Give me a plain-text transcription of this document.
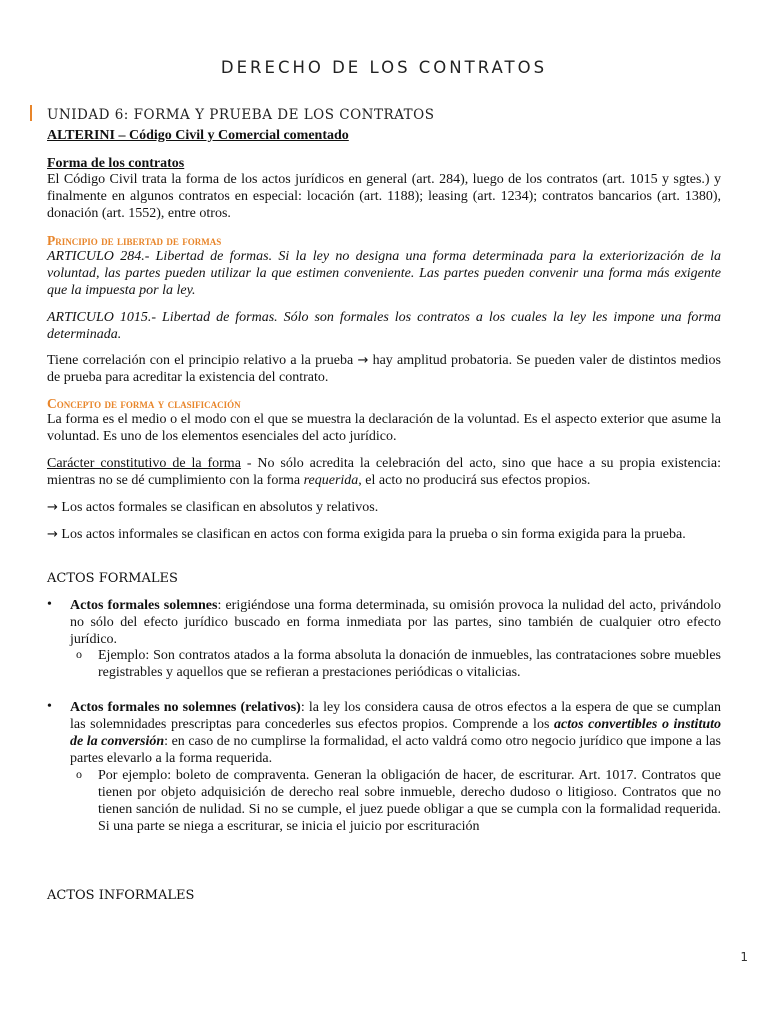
DERECHO DE LOS CONTRATOS
UNIDAD 6: FORMA Y PRUEBA DE LOS CONTRATOS
ALTERINI – Código Civil y Comercial comentado
Forma de los contratos
El Código Civil trata la forma de los actos jurídicos en general (art. 284), luego de los contratos (art. 1015 y sgtes.) y finalmente en algunos contratos en especial: locación (art. 1188); leasing (art. 1234); contratos bancarios (art. 1380), donación (art. 1552), entre otros.
Principio de libertad de formas
ARTICULO 284.- Libertad de formas. Si la ley no designa una forma determinada para la exteriorización de la voluntad, las partes pueden utilizar la que estimen conveniente. Las partes pueden convenir una forma más exigente que la impuesta por la ley.
ARTICULO 1015.- Libertad de formas. Sólo son formales los contratos a los cuales la ley les impone una forma determinada.
Tiene correlación con el principio relativo a la prueba → hay amplitud probatoria. Se pueden valer de distintos medios de prueba para acreditar la existencia del contrato.
Concepto de forma y clasificación
La forma es el medio o el modo con el que se muestra la declaración de la voluntad. Es el aspecto exterior que asume la voluntad. Es uno de los elementos esenciales del acto jurídico.
Carácter constitutivo de la forma - No sólo acredita la celebración del acto, sino que hace a su propia existencia: mientras no se dé cumplimiento con la forma requerida, el acto no producirá sus efectos propios.
→ Los actos formales se clasifican en absolutos y relativos.
→ Los actos informales se clasifican en actos con forma exigida para la prueba o sin forma exigida para la prueba.
ACTOS FORMALES
• Actos formales solemnes: erigiéndose una forma determinada, su omisión provoca la nulidad del acto, privándolo no sólo del efecto jurídico buscado en forma inmediata por las partes, sino también de cualquier otro efecto jurídico.
o Ejemplo: Son contratos atados a la forma absoluta la donación de inmuebles, las contrataciones sobre muebles registrables y aquellos que se refieran a prestaciones periódicas o vitalicias.
• Actos formales no solemnes (relativos): la ley los considera causa de otros efectos a la espera de que se cumplan las solemnidades prescriptas para concederles sus efectos propios. Comprende a los actos convertibles o instituto de la conversión: en caso de no cumplirse la formalidad, el acto valdrá como otro negocio jurídico que impone a las partes elevarlo a la forma requerida.
o Por ejemplo: boleto de compraventa. Generan la obligación de hacer, de escriturar. Art. 1017. Contratos que tienen por objeto adquisición de derecho real sobre inmueble, derecho dudoso o litigioso. Contratos que no tienen sanción de nulidad. Si no se cumple, el juez puede obligar a que se cumpla con la formalidad requerida. Si una parte se niega a escriturar, se inicia el juicio por escrituración
ACTOS INFORMALES
1
